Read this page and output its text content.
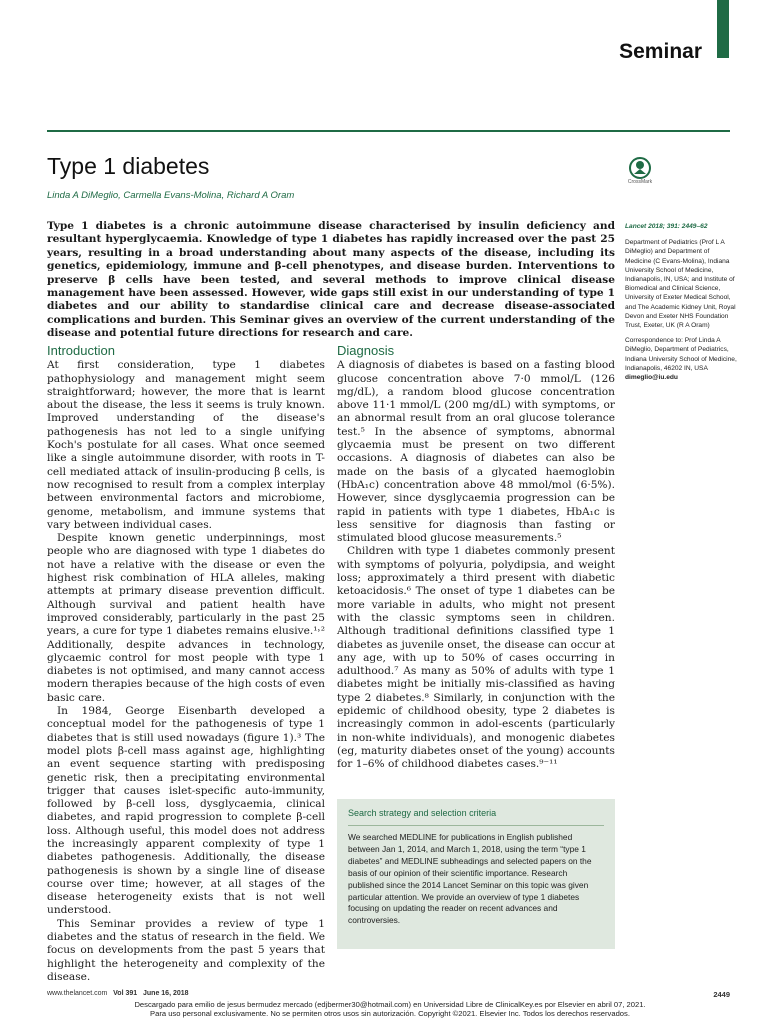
Seminar
Type 1 diabetes
CrossMark
Linda A DiMeglio, Carmella Evans-Molina, Richard A Oram

Type 1 diabetes is a chronic autoimmune disease characterised by insulin deficiency and resultant hyperglycaemia. Knowledge of type 1 diabetes has rapidly increased over the past 25 years, resulting in a broad understanding about many aspects of the disease, including its genetics, epidemiology, immune and β-cell phenotypes, and disease burden. Interventions to preserve β cells have been tested, and several methods to improve clinical disease management have been assessed. However, wide gaps still exist in our understanding of type 1 diabetes and our ability to standardise clinical care and decrease disease-associated complications and burden. This Seminar gives an overview of the current understanding of the disease and potential future directions for research and care.

Introduction

At first consideration, type 1 diabetes pathophysiology and management might seem straightforward; however, the more that is learnt about the disease, the less it seems is truly known. Improved understanding of the disease's pathogenesis has not led to a single unifying Koch's postulate for all cases. What once seemed like a single autoimmune disorder, with roots in T-cell mediated attack of insulin-producing β cells, is now recognised to result from a complex interplay between environmental factors and microbiome, genome, metabolism, and immune systems that vary between individual cases.

Despite known genetic underpinnings, most people who are diagnosed with type 1 diabetes do not have a relative with the disease or even the highest risk combination of HLA alleles, making attempts at primary disease prevention difficult. Although survival and patient health have improved considerably, particularly in the past 25 years, a cure for type 1 diabetes remains elusive.¹˒² Additionally, despite advances in technology, glycaemic control for most people with type 1 diabetes is not optimised, and many cannot access modern therapies because of the high costs of even basic care.

In 1984, George Eisenbarth developed a conceptual model for the pathogenesis of type 1 diabetes that is still used nowadays (figure 1).³ The model plots β-cell mass against age, highlighting an event sequence starting with predisposing genetic risk, then a precipitating environmental trigger that causes islet-specific auto-immunity, followed by β-cell loss, dysglycaemia, clinical diabetes, and rapid progression to complete β-cell loss. Although useful, this model does not address the increasingly apparent complexity of type 1 diabetes pathogenesis. Additionally, the disease pathogenesis is shown by a single line of disease course over time; however, at all stages of the disease heterogeneity exists that is not well understood.

This Seminar provides a review of type 1 diabetes and the status of research in the field. We focus on developments from the past 5 years that highlight the heterogeneity and complexity of the disease.

Diagnosis

A diagnosis of diabetes is based on a fasting blood glucose concentration above 7·0 mmol/L (126 mg/dL), a random blood glucose concentration above 11·1 mmol/L (200 mg/dL) with symptoms, or an abnormal result from an oral glucose tolerance test.⁵ In the absence of symptoms, abnormal glycaemia must be present on two different occasions. A diagnosis of diabetes can also be made on the basis of a glycated haemoglobin (HbA₁c) concentration above 48 mmol/mol (6·5%). However, since dysglycaemia progression can be rapid in patients with type 1 diabetes, HbA₁c is less sensitive for diagnosis than fasting or stimulated blood glucose measurements.⁵

Children with type 1 diabetes commonly present with symptoms of polyuria, polydipsia, and weight loss; approximately a third present with diabetic ketoacidosis.⁶ The onset of type 1 diabetes can be more variable in adults, who might not present with the classic symptoms seen in children. Although traditional definitions classified type 1 diabetes as juvenile onset, the disease can occur at any age, with up to 50% of cases occurring in adulthood.⁷ As many as 50% of adults with type 1 diabetes might be initially mis-classified as having type 2 diabetes.⁸ Similarly, in conjunction with the epidemic of childhood obesity, type 2 diabetes is increasingly common in adol-escents (particularly in non-white individuals), and monogenic diabetes (eg, maturity diabetes onset of the young) accounts for 1–6% of childhood diabetes cases.⁹⁻¹¹

Search strategy and selection criteria
We searched MEDLINE for publications in English published between Jan 1, 2014, and March 1, 2018, using the term “type 1 diabetes” and MEDLINE subheadings and selected papers on the basis of our opinion of their scientific importance. Research published since the 2014 Lancet Seminar on this topic was given particular attention. We provide an overview of type 1 diabetes focusing on updating the reader on recent advances and controversies.
Lancet 2018; 391: 2449–62
Department of Pediatrics (Prof L A DiMeglio) and Department of Medicine (C Evans-Molina), Indiana University School of Medicine, Indianapolis, IN, USA; and Institute of Biomedical and Clinical Science, University of Exeter Medical School, and The Academic Kidney Unit, Royal Devon and Exeter NHS Foundation Trust, Exeter, UK (R A Oram)
Correspondence to: Prof Linda A DiMeglio, Department of Pediatrics, Indiana University School of Medicine, Indianapolis, 46202 IN, USA
dimeglio@iu.edu
www.thelancet.com Vol 391 June 16, 2018	2449
Descargado para emilio de jesus bermudez mercado (edjbermer30@hotmail.com) en Universidad Libre de ClinicalKey.es por Elsevier en abril 07, 2021.
Para uso personal exclusivamente. No se permiten otros usos sin autorización. Copyright ©2021. Elsevier Inc. Todos los derechos reservados.
